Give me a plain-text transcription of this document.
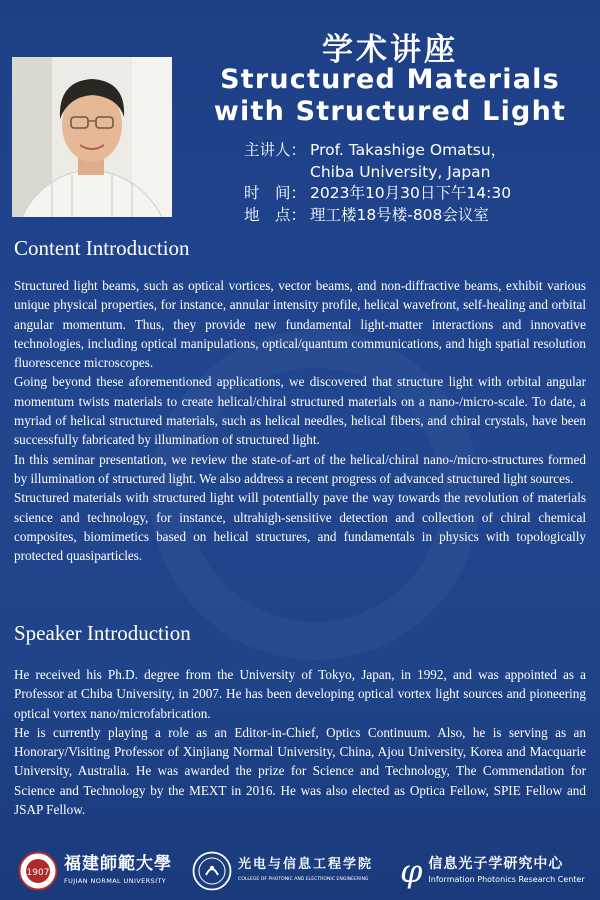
学术讲座
Structured Materials with Structured Light
主讲人： Prof. Takashige Omatsu，
Chiba University, Japan
时　间： 2023年10月30日下午14:30
地　点： 理工楼18号楼-808会议室
Content Introduction

Structured light beams, such as optical vortices, vector beams, and non-diffractive beams, exhibit various unique physical properties, for instance, annular intensity profile, helical wavefront, self-healing and orbital angular momentum. Thus, they provide new fundamental light-matter interactions and innovative technologies, including optical manipulations, optical/quantum communications, and high spatial resolution fluorescence microscopes.

Going beyond these aforementioned applications, we discovered that structure light with orbital angular momentum twists materials to create helical/chiral structured materials on a nano-/micro-scale. To date, a myriad of helical structured materials, such as helical needles, helical fibers, and chiral crystals, have been successfully fabricated by illumination of structured light.

In this seminar presentation, we review the state-of-art of the helical/chiral nano-/micro-structures formed by illumination of structured light. We also address a recent progress of advanced structured light sources.

Structured materials with structured light will potentially pave the way towards the revolution of materials science and technology, for instance, ultrahigh-sensitive detection and collection of chiral chemical composites, biomimetics based on helical structures, and fundamentals in physics with topologically protected quasiparticles.

Speaker Introduction

He received his Ph.D. degree from the University of Tokyo, Japan, in 1992, and was appointed as a Professor at Chiba University, in 2007. He has been developing optical vortex light sources and pioneering optical vortex nano/microfabrication.

He is currently playing a role as an Editor-in-Chief, Optics Continuum. Also, he is serving as an Honorary/Visiting Professor of Xinjiang Normal University, China, Ajou University, Korea and Macquarie University, Australia. He was awarded the prize for Science and Technology, The Commendation for Science and Technology by the MEXT in 2016. He was also elected as Optica Fellow, SPIE Fellow and JSAP Fellow.

1907 福建師範大學
FUJIAN NORMAL UNIVERSITY
光电与信息工程学院
COLLEGE OF PHOTONIC AND ELECTRONIC ENGINEERING φ 信息光子学研究中心
Information Photonics Research Center
